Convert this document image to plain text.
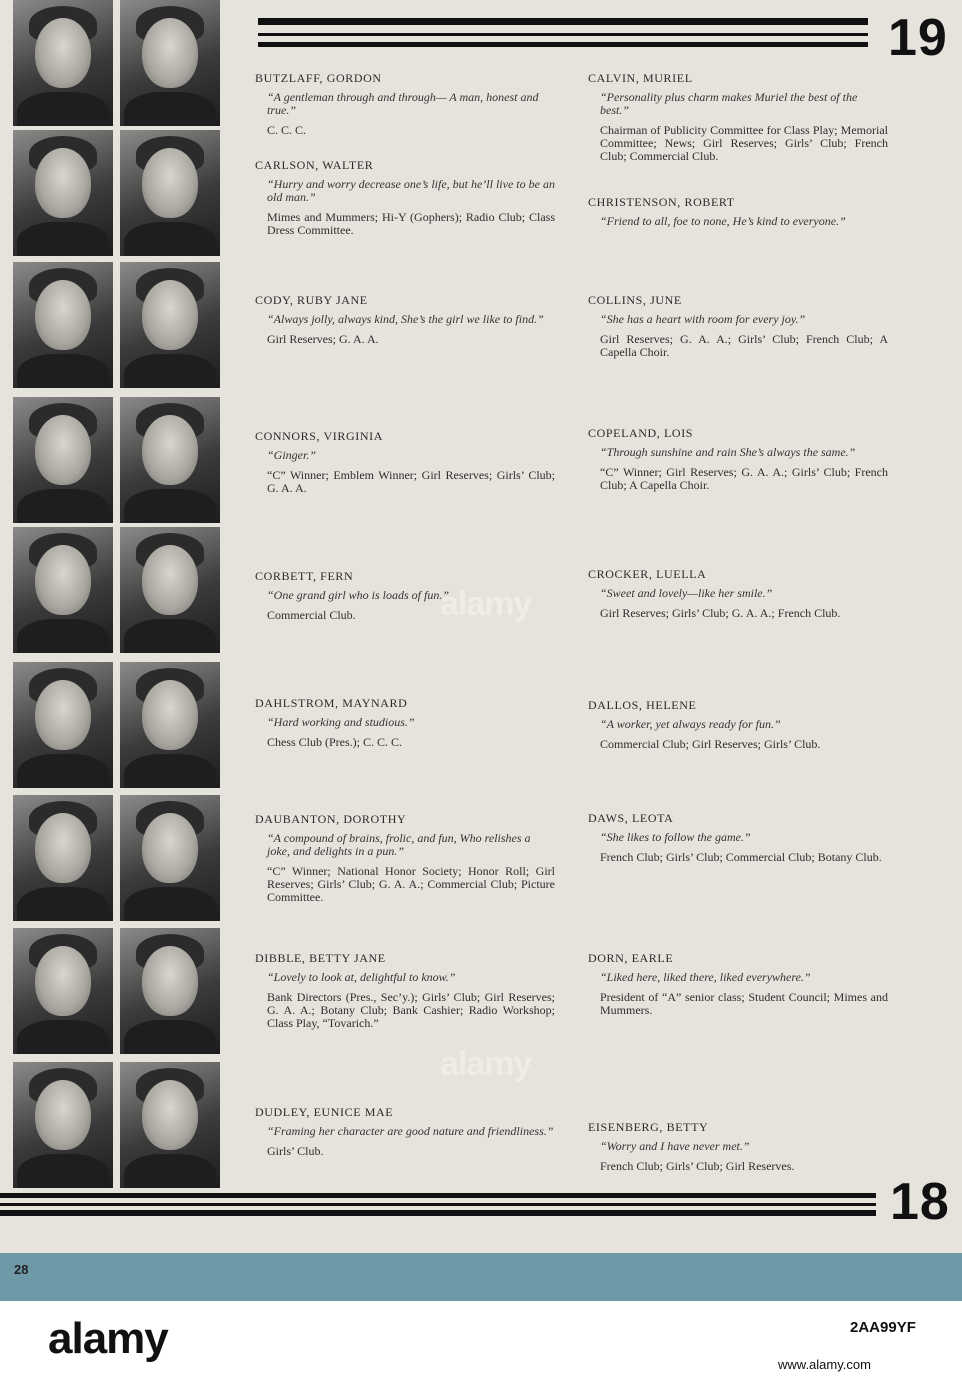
19
BUTZLAFF, GORDON
“A gentleman through and through— A man, honest and true.”
C. C. C.
CARLSON, WALTER
“Hurry and worry decrease one’s life, but he’ll live to be an old man.”
Mimes and Mummers; Hi-Y (Gophers); Radio Club; Class Dress Committee.
CODY, RUBY JANE
“Always jolly, always kind, She’s the girl we like to find.”
Girl Reserves; G. A. A.
CONNORS, VIRGINIA
“Ginger.”
“C” Winner; Emblem Winner; Girl Reserves; Girls’ Club; G. A. A.
CORBETT, FERN
“One grand girl who is loads of fun.”
Commercial Club.
DAHLSTROM, MAYNARD
“Hard working and studious.”
Chess Club (Pres.); C. C. C.
DAUBANTON, DOROTHY
“A compound of brains, frolic, and fun, Who relishes a joke, and delights in a pun.”
“C” Winner; National Honor Society; Honor Roll; Girl Reserves; Girls’ Club; G. A. A.; Commercial Club; Picture Committee.
DIBBLE, BETTY JANE
“Lovely to look at, delightful to know.”
Bank Directors (Pres., Sec’y.); Girls’ Club; Girl Reserves; G. A. A.; Botany Club; Bank Cashier; Radio Workshop; Class Play, “Tovarich.”
DUDLEY, EUNICE MAE
“Framing her character are good nature and friendliness.”
Girls’ Club.
CALVIN, MURIEL
“Personality plus charm makes Muriel the best of the best.”
Chairman of Publicity Committee for Class Play; Memorial Committee; News; Girl Reserves; Girls’ Club; French Club; Commercial Club.
CHRISTENSON, ROBERT
“Friend to all, foe to none, He’s kind to everyone.”
COLLINS, JUNE
“She has a heart with room for every joy.”
Girl Reserves; G. A. A.; Girls’ Club; French Club; A Capella Choir.
COPELAND, LOIS
“Through sunshine and rain She’s always the same.”
“C” Winner; Girl Reserves; G. A. A.; Girls’ Club; French Club; A Capella Choir.
CROCKER, LUELLA
“Sweet and lovely—like her smile.”
Girl Reserves; Girls’ Club; G. A. A.; French Club.
DALLOS, HELENE
“A worker, yet always ready for fun.”
Commercial Club; Girl Reserves; Girls’ Club.
DAWS, LEOTA
“She likes to follow the game.”
French Club; Girls’ Club; Commercial Club; Botany Club.
DORN, EARLE
“Liked here, liked there, liked everywhere.”
President of “A” senior class; Student Council; Mimes and Mummers.
EISENBERG, BETTY
“Worry and I have never met.”
French Club; Girls’ Club; Girl Reserves.
18
alamy
alamy
28
alamy	2AA99YF
www.alamy.com
